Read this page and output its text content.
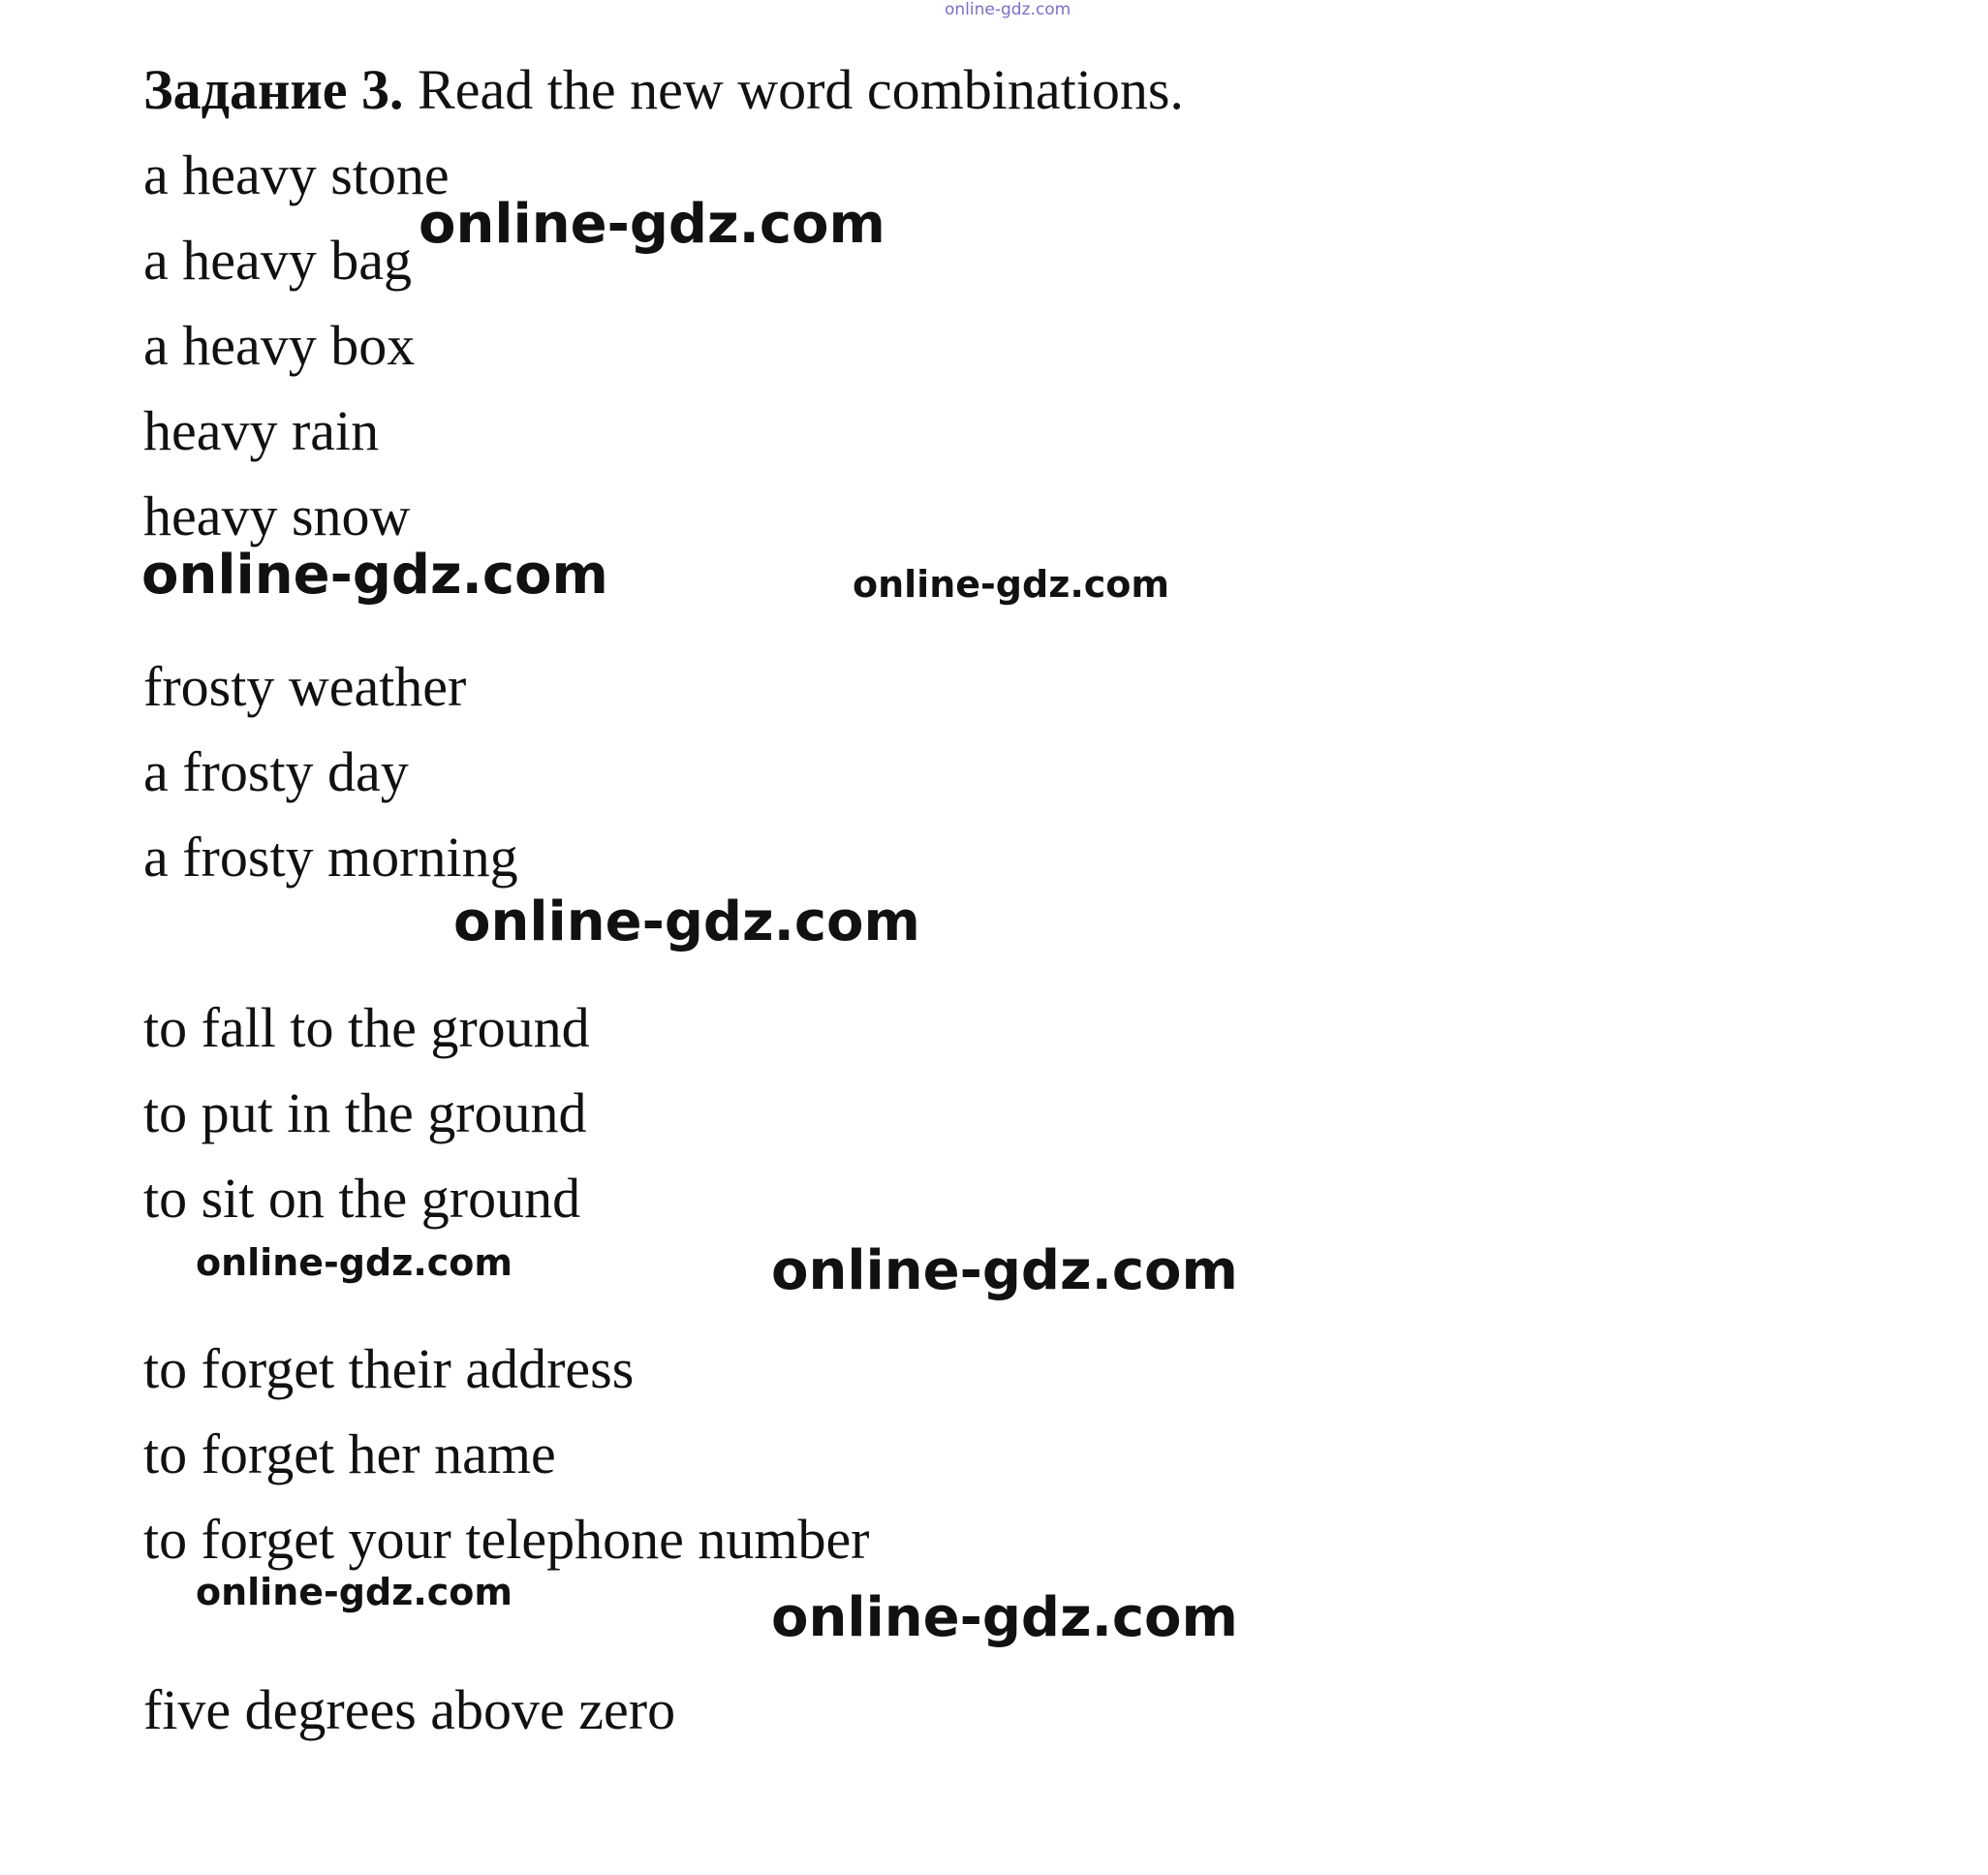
online-gdz.com
Задание 3. Read the new word combinations.
a heavy stone
a heavy bag
a heavy box
heavy rain
heavy snow
frosty weather
a frosty day
a frosty morning
to fall to the ground
to put in the ground
to sit on the ground
to forget their address
to forget her name
to forget your telephone number
five degrees above zero
online-gdz.com
online-gdz.com	online-gdz.com
online-gdz.com
online-gdz.com	online-gdz.com
online-gdz.com	online-gdz.com
